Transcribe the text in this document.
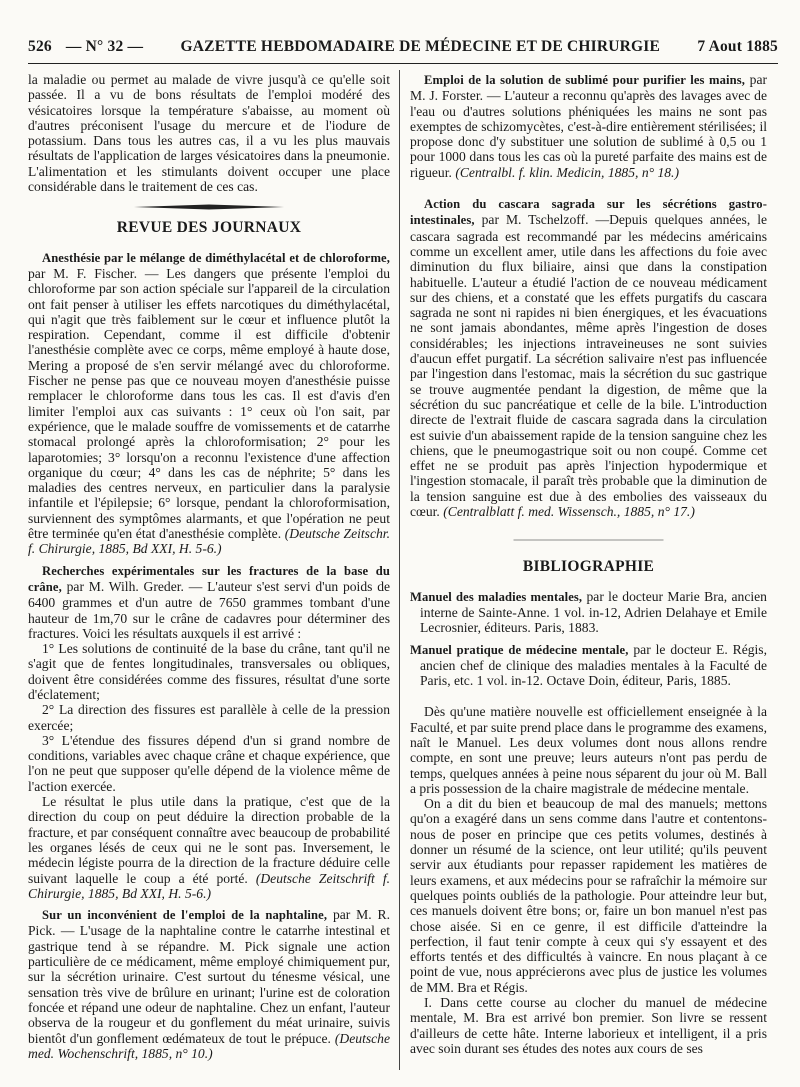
526 — N° 32 —	GAZETTE HEBDOMADAIRE DE MÉDECINE ET DE CHIRURGIE	7 Aout 1885

la maladie ou permet au malade de vivre jusqu'à ce qu'elle soit passée. Il a vu de bons résultats de l'emploi modéré des vésicatoires lorsque la température s'abaisse, au moment où d'autres préconisent l'usage du mercure et de l'iodure de potassium. Dans tous les autres cas, il a vu les plus mauvais résultats de l'application de larges vésicatoires dans la pneumonie. L'alimentation et les stimulants doivent occuper une place considérable dans le traitement de ces cas.

REVUE DES JOURNAUX

Anesthésie par le mélange de diméthylacétal et de chloroforme, par M. F. Fischer. — Les dangers que présente l'emploi du chloroforme par son action spéciale sur l'appareil de la circulation ont fait penser à utiliser les effets narcotiques du diméthylacétal, qui n'agit que très faiblement sur le cœur et influence plutôt la respiration. Cependant, comme il est difficile d'obtenir l'anesthésie complète avec ce corps, même employé à haute dose, Mering a proposé de s'en servir mélangé avec du chloroforme. Fischer ne pense pas que ce nouveau moyen d'anesthésie puisse remplacer le chloroforme dans tous les cas. Il est d'avis d'en limiter l'emploi aux cas suivants : 1° ceux où l'on sait, par expérience, que le malade souffre de vomissements et de catarrhe stomacal prolongé après la chloroformisation; 2° pour les laparotomies; 3° lorsqu'on a reconnu l'existence d'une affection organique du cœur; 4° dans les cas de néphrite; 5° dans les maladies des centres nerveux, en particulier dans la paralysie infantile et l'épilepsie; 6° lorsque, pendant la chloroformisation, surviennent des symptômes alarmants, et que l'opération ne peut être terminée qu'en état d'anesthésie complète. (Deutsche Zeitschr. f. Chirurgie, 1885, Bd XXI, H. 5-6.)

Recherches expérimentales sur les fractures de la base du crâne, par M. Wilh. Greder. — L'auteur s'est servi d'un poids de 6400 grammes et d'un autre de 7650 grammes tombant d'une hauteur de 1m,70 sur le crâne de cadavres pour déterminer des fractures. Voici les résultats auxquels il est arrivé :

1° Les solutions de continuité de la base du crâne, tant qu'il ne s'agit que de fentes longitudinales, transversales ou obliques, doivent être considérées comme des fissures, résultat d'une sorte d'éclatement;

2° La direction des fissures est parallèle à celle de la pression exercée;

3° L'étendue des fissures dépend d'un si grand nombre de conditions, variables avec chaque crâne et chaque expérience, que l'on ne peut que supposer qu'elle dépend de la violence même de l'action exercée.

Le résultat le plus utile dans la pratique, c'est que de la direction du coup on peut déduire la direction probable de la fracture, et par conséquent connaître avec beaucoup de probabilité les organes lésés de ceux qui ne le sont pas. Inversement, le médecin légiste pourra de la direction de la fracture déduire celle suivant laquelle le coup a été porté. (Deutsche Zeitschrift f. Chirurgie, 1885, Bd XXI, H. 5-6.)

Sur un inconvénient de l'emploi de la naphtaline, par M. R. Pick. — L'usage de la naphtaline contre le catarrhe intestinal et gastrique tend à se répandre. M. Pick signale une action particulière de ce médicament, même employé chimiquement pur, sur la sécrétion urinaire. C'est surtout du ténesme vésical, une sensation très vive de brûlure en urinant; l'urine est de coloration foncée et répand une odeur de naphtaline. Chez un enfant, l'auteur observa de la rougeur et du gonflement du méat urinaire, suivis bientôt d'un gonflement œdémateux de tout le prépuce. (Deutsche med. Wochenschrift, 1885, n° 10.)

Emploi de la solution de sublimé pour purifier les mains, par M. J. Forster. — L'auteur a reconnu qu'après des lavages avec de l'eau ou d'autres solutions phéniquées les mains ne sont pas exemptes de schizomycètes, c'est-à-dire entièrement stérilisées; il propose donc d'y substituer une solution de sublimé à 0,5 ou 1 pour 1000 dans tous les cas où la pureté parfaite des mains est de rigueur. (Centralbl. f. klin. Medicin, 1885, n° 18.)

Action du cascara sagrada sur les sécrétions gastro-intestinales, par M. Tschelzoff. —Depuis quelques années, le cascara sagrada est recommandé par les médecins américains comme un excellent amer, utile dans les affections du foie avec diminution du flux biliaire, ainsi que dans la constipation habituelle. L'auteur a étudié l'action de ce nouveau médicament sur des chiens, et a constaté que les effets purgatifs du cascara sagrada ne sont ni rapides ni bien énergiques, et les évacuations ne sont jamais abondantes, même après l'ingestion de doses considérables; les injections intraveineuses ne sont suivies d'aucun effet purgatif. La sécrétion salivaire n'est pas influencée par l'ingestion dans l'estomac, mais la sécrétion du suc gastrique se trouve augmentée pendant la digestion, de même que la sécrétion du suc pancréatique et celle de la bile. L'introduction directe de l'extrait fluide de cascara sagrada dans la circulation est suivie d'un abaissement rapide de la tension sanguine chez les chiens, que le pneumogastrique soit ou non coupé. Comme cet effet ne se produit pas après l'injection hypodermique et l'ingestion stomacale, il paraît très probable que la diminution de la tension sanguine est due à des embolies des vaisseaux du cœur. (Centralblatt f. med. Wissensch., 1885, n° 17.)

BIBLIOGRAPHIE

Manuel des maladies mentales, par le docteur Marie Bra, ancien interne de Sainte-Anne. 1 vol. in-12, Adrien Delahaye et Emile Lecrosnier, éditeurs. Paris, 1883.

Manuel pratique de médecine mentale, par le docteur E. Régis, ancien chef de clinique des maladies mentales à la Faculté de Paris, etc. 1 vol. in-12. Octave Doin, éditeur, Paris, 1885.

Dès qu'une matière nouvelle est officiellement enseignée à la Faculté, et par suite prend place dans le programme des examens, naît le Manuel. Les deux volumes dont nous allons rendre compte, en sont une preuve; leurs auteurs n'ont pas perdu de temps, quelques années à peine nous séparent du jour où M. Ball a pris possession de la chaire magistrale de médecine mentale.

On a dit du bien et beaucoup de mal des manuels; mettons qu'on a exagéré dans un sens comme dans l'autre et contentons-nous de poser en principe que ces petits volumes, destinés à donner un résumé de la science, ont leur utilité; qu'ils peuvent servir aux étudiants pour repasser rapidement les matières de leurs examens, et aux médecins pour se rafraîchir la mémoire sur quelques points oubliés de la pathologie. Pour atteindre leur but, ces manuels doivent être bons; or, faire un bon manuel n'est pas chose aisée. Si en ce genre, il est difficile d'atteindre la perfection, il faut tenir compte à ceux qui s'y essayent et des efforts tentés et des difficultés à vaincre. En nous plaçant à ce point de vue, nous apprécierons avec plus de justice les volumes de MM. Bra et Régis.

I. Dans cette course au clocher du manuel de médecine mentale, M. Bra est arrivé bon premier. Son livre se ressent d'ailleurs de cette hâte. Interne laborieux et intelligent, il a pris avec soin durant ses études des notes aux cours de ses
